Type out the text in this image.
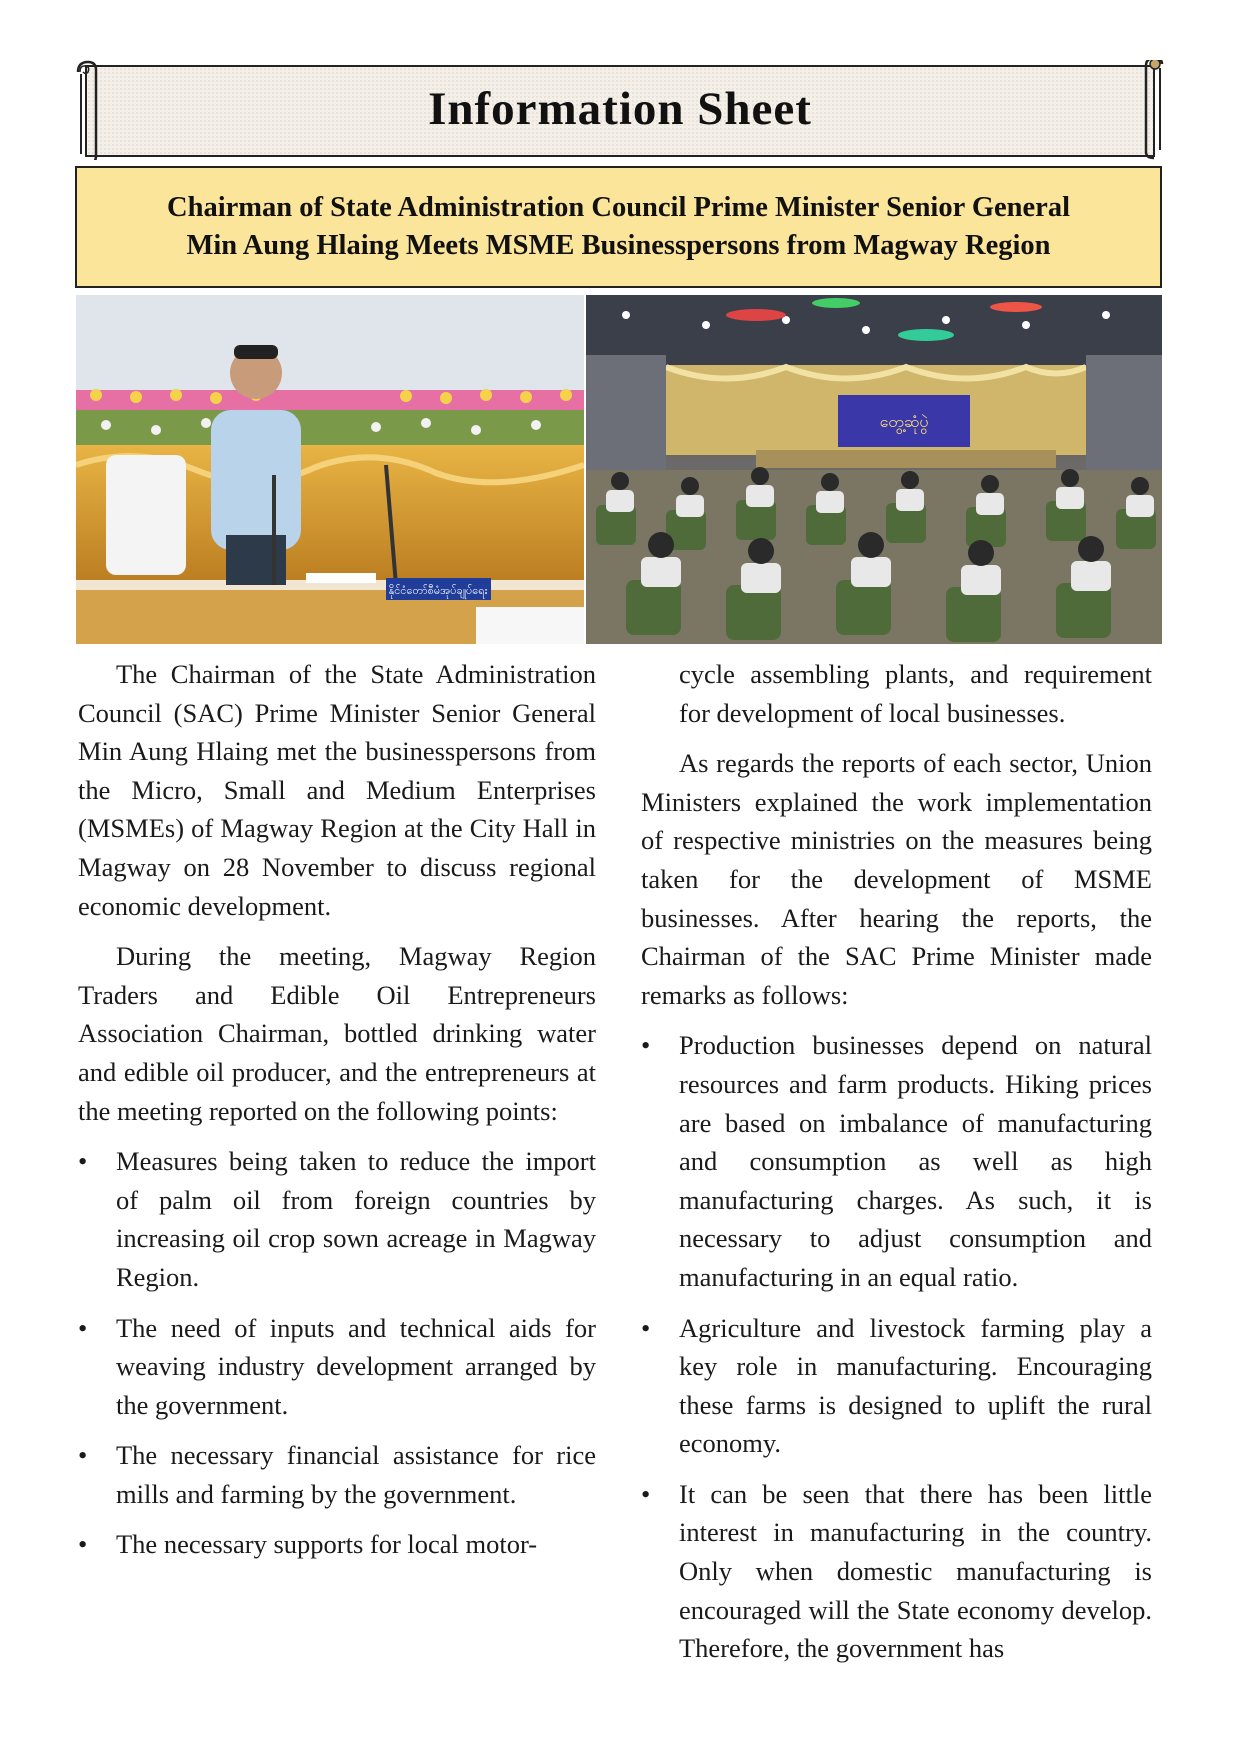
Information Sheet
Chairman of State Administration Council Prime Minister Senior General
Min Aung Hlaing Meets MSME Businesspersons from Magway Region
နိုင်ငံတော်စီမံအုပ်ချုပ်ရေး
တွေ့ဆုံပွဲ

The Chairman of the State Administration Council (SAC) Prime Minister Senior General Min Aung Hlaing met the businesspersons from the Micro, Small and Medium Enterprises (MSMEs) of Magway Region at the City Hall in Magway on 28 November to discuss regional economic development.

During the meeting, Magway Region Traders and Edible Oil Entrepreneurs Association Chairman, bottled drinking water and edible oil producer, and the entrepreneurs at the meeting reported on the following points:

•	Measures being taken to reduce the import of palm oil from foreign countries by increasing oil crop sown acreage in Magway Region.
•	The need of inputs and technical aids for weaving industry development arranged by the government.
•	The necessary financial assistance for rice mills and farming by the government.
•	The necessary supports for local motor-

cycle assembling plants, and requirement for development of local businesses.

As regards the reports of each sector, Union Ministers explained the work implementation of respective ministries on the measures being taken for the development of MSME businesses. After hearing the reports, the Chairman of the SAC Prime Minister made remarks as follows:

•	Production businesses depend on natural resources and farm products. Hiking prices are based on imbalance of manufacturing and consumption as well as high manufacturing charges. As such, it is necessary to adjust consumption and manufacturing in an equal ratio.
•	Agriculture and livestock farming play a key role in manufacturing. Encouraging these farms is designed to uplift the rural economy.
•	It can be seen that there has been little interest in manufacturing in the country. Only when domestic manufacturing is encouraged will the State economy develop. Therefore, the government has
